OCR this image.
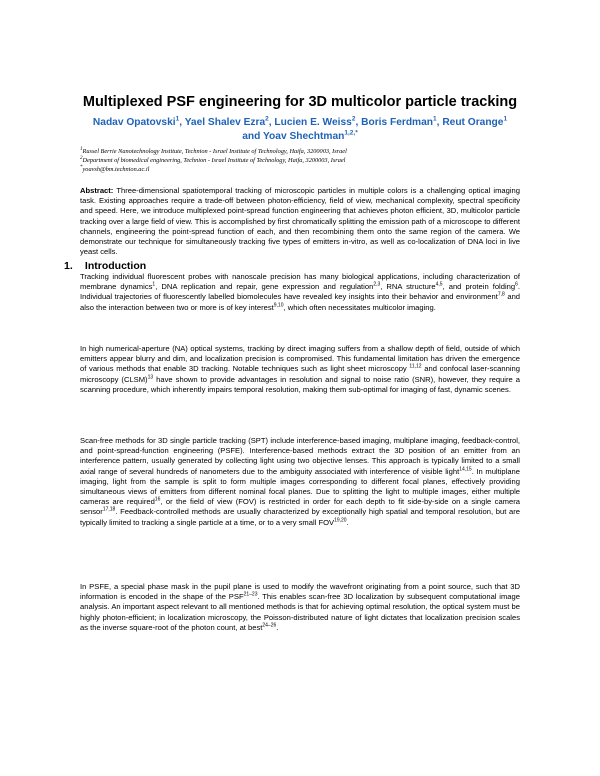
Multiplexed PSF engineering for 3D multicolor particle tracking
Nadav Opatovski$^1$, Yael Shalev Ezra$^2$, Lucien E. Weiss$^2$, Boris Ferdman$^1$, Reut Orange$^1$
and Yoav Shechtman$^{1,2,*}$
$^1$Russel Berrie Nanotechnology Institute, Technion - Israel Institute of Technology, Haifa, 3200003, Israel
$^2$Department of biomedical engineering, Technion - Israel Institute of Technology, Haifa, 3200003, Israel
*yoavsh@bm.technion.ac.il
Abstract: Three-dimensional spatiotemporal tracking of microscopic particles in multiple colors is a challenging optical imaging task. Existing approaches require a trade-off between photon-efficiency, field of view, mechanical complexity, spectral specificity and speed. Here, we introduce multiplexed point-spread function engineering that achieves photon efficient, 3D, multicolor particle tracking over a large field of view. This is accomplished by first chromatically splitting the emission path of a microscope to different channels, engineering the point-spread function of each, and then recombining them onto the same region of the camera. We demonstrate our technique for simultaneously tracking five types of emitters in-vitro, as well as co-localization of DNA loci in live yeast cells.
1. Introduction
Tracking individual fluorescent probes with nanoscale precision has many biological applications, including characterization of membrane dynamics$^1$, DNA replication and repair, gene expression and regulation$^{2,3}$, RNA structure$^{4,5}$, and protein folding$^6$. Individual trajectories of fluorescently labelled biomolecules have revealed key insights into their behavior and environment$^{7,8}$ and also the interaction between two or more is of key interest$^{9,10}$, which often necessitates multicolor imaging.
In high numerical-aperture (NA) optical systems, tracking by direct imaging suffers from a shallow depth of field, outside of which emitters appear blurry and dim, and localization precision is compromised. This fundamental limitation has driven the emergence of various methods that enable 3D tracking. Notable techniques such as light sheet microscopy $^{11,12}$ and confocal laser-scanning microscopy (CLSM)$^{13}$ have shown to provide advantages in resolution and signal to noise ratio (SNR), however, they require a scanning procedure, which inherently impairs temporal resolution, making them sub-optimal for imaging of fast, dynamic scenes.
Scan-free methods for 3D single particle tracking (SPT) include interference-based imaging, multiplane imaging, feedback-control, and point-spread-function engineering (PSFE). Interference-based methods extract the 3D position of an emitter from an interference pattern, usually generated by collecting light using two objective lenses. This approach is typically limited to a small axial range of several hundreds of nanometers due to the ambiguity associated with interference of visible light$^{14,15}$. In multiplane imaging, light from the sample is split to form multiple images corresponding to different focal planes, effectively providing simultaneous views of emitters from different nominal focal planes. Due to splitting the light to multiple images, either multiple cameras are required$^{16}$, or the field of view (FOV) is restricted in order for each depth to fit side-by-side on a single camera sensor$^{17,18}$. Feedback-controlled methods are usually characterized by exceptionally high spatial and temporal resolution, but are typically limited to tracking a single particle at a time, or to a very small FOV$^{19,20}$.
In PSFE, a special phase mask in the pupil plane is used to modify the wavefront originating from a point source, such that 3D information is encoded in the shape of the PSF$^{21-23}$. This enables scan-free 3D localization by subsequent computational image analysis. An important aspect relevant to all mentioned methods is that for achieving optimal resolution, the optical system must be highly photon-efficient; in localization microscopy, the Poisson-distributed nature of light dictates that localization precision scales as the inverse square-root of the photon count, at best$^{24-26}$.
